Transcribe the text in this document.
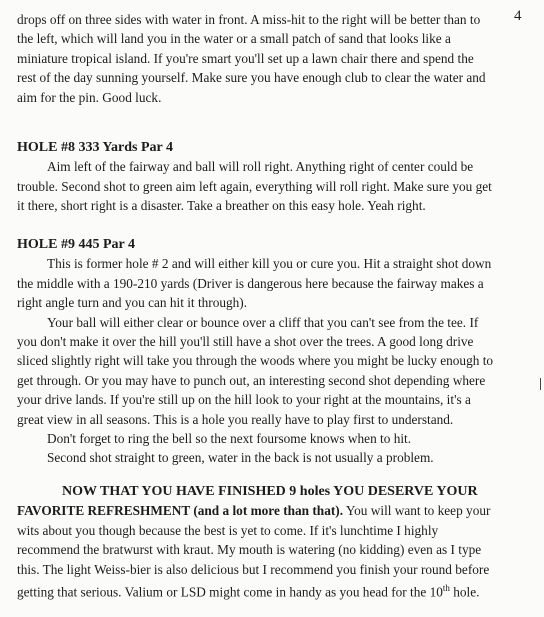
4
drops off on three sides with water in front. A miss-hit to the right will be better than to
the left, which will land you in the water or a small patch of sand that looks like a
miniature tropical island. If you're smart you'll set up a lawn chair there and spend the
rest of the day sunning yourself. Make sure you have enough club to clear the water and
aim for the pin. Good luck.
HOLE #8 333 Yards Par 4
Aim left of the fairway and ball will roll right. Anything right of center could be
trouble. Second shot to green aim left again, everything will roll right. Make sure you get
it there, short right is a disaster. Take a breather on this easy hole. Yeah right.
HOLE #9 445 Par 4
This is former hole # 2 and will either kill you or cure you. Hit a straight shot down
the middle with a 190-210 yards (Driver is dangerous here because the fairway makes a
right angle turn and you can hit it through).
Your ball will either clear or bounce over a cliff that you can't see from the tee. If
you don't make it over the hill you'll still have a shot over the trees. A good long drive
sliced slightly right will take you through the woods where you might be lucky enough to
get through. Or you may have to punch out, an interesting second shot depending where
your drive lands. If you're still up on the hill look to your right at the mountains, it's a
great view in all seasons. This is a hole you really have to play first to understand.
Don't forget to ring the bell so the next foursome knows when to hit.
Second shot straight to green, water in the back is not usually a problem.
NOW THAT YOU HAVE FINISHED 9 holes YOU DESERVE YOUR
FAVORITE REFRESHMENT (and a lot more than that). You will want to keep your
wits about you though because the best is yet to come. If it's lunchtime I highly
recommend the bratwurst with kraut. My mouth is watering (no kidding) even as I type
this. The light Weiss-bier is also delicious but I recommend you finish your round before
getting that serious. Valium or LSD might come in handy as you head for the 10th hole.
